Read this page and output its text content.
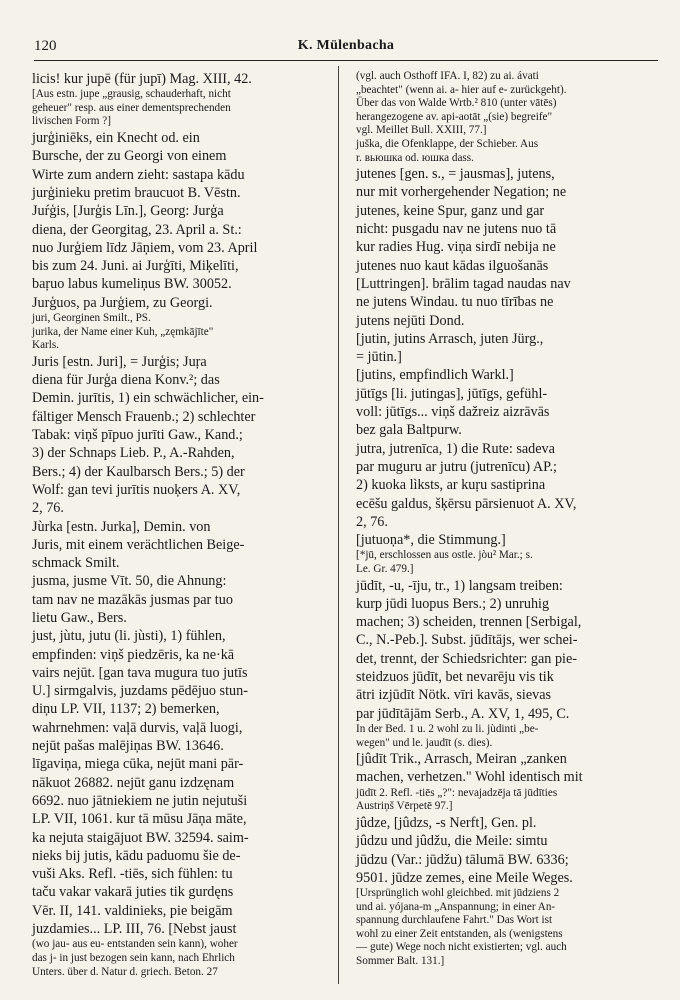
120	K. Mülenbacha

licis! kur jupē (für jupī) Mag. XIII, 42.

[Aus estn. jupe „grausig, schauderhaft, nicht

geheuer" resp. aus einer dementsprechenden

livischen Form ?]

jurģiniēks, ein Knecht od. ein

Bursche, der zu Georgi von einem

Wirte zum andern zieht: sastapa kādu

jurģinieku pretim braucuot B. Vēstn.

Juŕģis, [Jurģis Līn.], Georg: Jurģa

diena, der Georgitag, 23. April a. St.:

nuo Jurģiem līdz Jāņiem, vom 23. April

bis zum 24. Juni. ai Jurģīti, Miķelīti,

baŗuo labus kumeliņus BW. 30052.

Jurģuos, pa Jurģiem, zu Georgi.

juri, Georginen Smilt., PS.

jurika, der Name einer Kuh, „zęmkājīte"

Karls.

Juris [estn. Juri], = Jurģis; Juŗa

diena für Jurģa diena Konv.²; das

Demin. jurītis, 1) ein schwächlicher, ein-

fältiger Mensch Frauenb.; 2) schlechter

Tabak: viņš pīpuo jurīti Gaw., Kand.;

3) der Schnaps Lieb. P., A.-Rahden,

Bers.; 4) der Kaulbarsch Bers.; 5) der

Wolf: gan tevi jurītis nuoķers A. XV,

2, 76.

Jùrka [estn. Jurka], Demin. von

Juris, mit einem verächtlichen Beige-

schmack Smilt.

jusma, jusme Vīt. 50, die Ahnung:

tam nav ne mazākās jusmas par tuo

lietu Gaw., Bers.

just, jùtu, jutu (li. jùsti), 1) fühlen,

empfinden: viņš piedzēris, ka ne·kā

vairs nejūt. [gan tava mugura tuo jutīs

U.] sirmgalvis, juzdams pēdējuo stun-

diņu LP. VII, 1137; 2) bemerken,

wahrnehmen: vaļā durvis, vaļā luogi,

nejūt pašas malējiņas BW. 13646.

līgaviņa, miega cūka, nejūt mani pār-

nākuot 26882. nejūt ganu izdzęnam

6692. nuo jātniekiem ne jutin nejutuši

LP. VII, 1061. kur tā mūsu Jāņa māte,

ka nejuta staigājuot BW. 32594. saim-

nieks bij jutis, kādu paduomu šie de-

vuši Aks. Refl. -tiēs, sich fühlen: tu

taču vakar vakarā juties tik gurdęns

Vēr. II, 141. valdinieks, pie beigām

juzdamies... LP. III, 76. [Nebst jaust

(wo jau- aus eu- entstanden sein kann), woher

das j- in just bezogen sein kann, nach Ehrlich

Unters. über d. Natur d. griech. Beton. 27

(vgl. auch Osthoff IFA. I, 82) zu ai. ávati

„beachtet" (wenn ai. a- hier auf e- zurückgeht).

Über das von Walde Wrtb.² 810 (unter vātēs)

herangezogene av. api-aotāt „(sie) begreife"

vgl. Meillet Bull. XXIII, 77.]

juška, die Ofenklappe, der Schieber. Aus

r. вьюшка od. юшка dass.

jutenes [gen. s., = jausmas], jutens,

nur mit vorhergehender Negation; ne

jutenes, keine Spur, ganz und gar

nicht: pusgadu nav ne jutens nuo tā

kur radies Hug. viņa sirdī nebija ne

jutenes nuo kaut kādas ilguošanās

[Luttringen]. brālim tagad naudas nav

ne jutens Windau. tu nuo tīrības ne

jutens nejūti Dond.

[jutin, jutins Arrasch, juten Jürg.,

= jūtin.]

[jutins, empfindlich Warkl.]

jūtīgs [li. jutingas], jūtīgs, gefühl-

voll: jūtīgs... viņš dažreiz aizrāvās

bez gala Baltpurw.

jutra, jutrenīca, 1) die Rute: sadeva

par muguru ar jutru (jutrenīcu) AP.;

2) kuoka lìksts, ar kuŗu sastiprina

ecēšu galdus, šķērsu pārsienuot A. XV,

2, 76.

[jutuoņa*, die Stimmung.]

[*jū, erschlossen aus ostle. jòu² Mar.; s.

Le. Gr. 479.]

jūdīt, -u, -īju, tr., 1) langsam treiben:

kurp jūdi luopus Bers.; 2) unruhig

machen; 3) scheiden, trennen [Serbigal,

C., N.-Peb.]. Subst. jūdītājs, wer schei-

det, trennt, der Schiedsrichter: gan pie-

steidzuos jūdīt, bet nevarēju vis tik

ātri izjūdīt Nötk. vīri kavās, sievas

par jūdītājām Serb., A. XV, 1, 495, C.

In der Bed. 1 u. 2 wohl zu li. jùdinti „be-

wegen" und le. jaudīt (s. dies).

[jûdīt Trik., Arrasch, Meiran „zanken

machen, verhetzen." Wohl identisch mit

jūdīt 2. Refl. -tiēs „?": nevajadzēja tā jūdīties

Austriņš Vērpetē 97.]

jûdze, [jûdzs, -s Nerft], Gen. pl.

jûdzu und jûdžu, die Meile: simtu

jūdzu (Var.: jūdžu) tālumā BW. 6336;

9501. jūdze zemes, eine Meile Weges.

[Ursprünglich wohl gleichbed. mit jūdziens 2

und ai. yójana-m „Anspannung; in einer An-

spannung durchlaufene Fahrt." Das Wort ist

wohl zu einer Zeit entstanden, als (wenigstens

— gute) Wege noch nicht existierten; vgl. auch

Sommer Balt. 131.]
